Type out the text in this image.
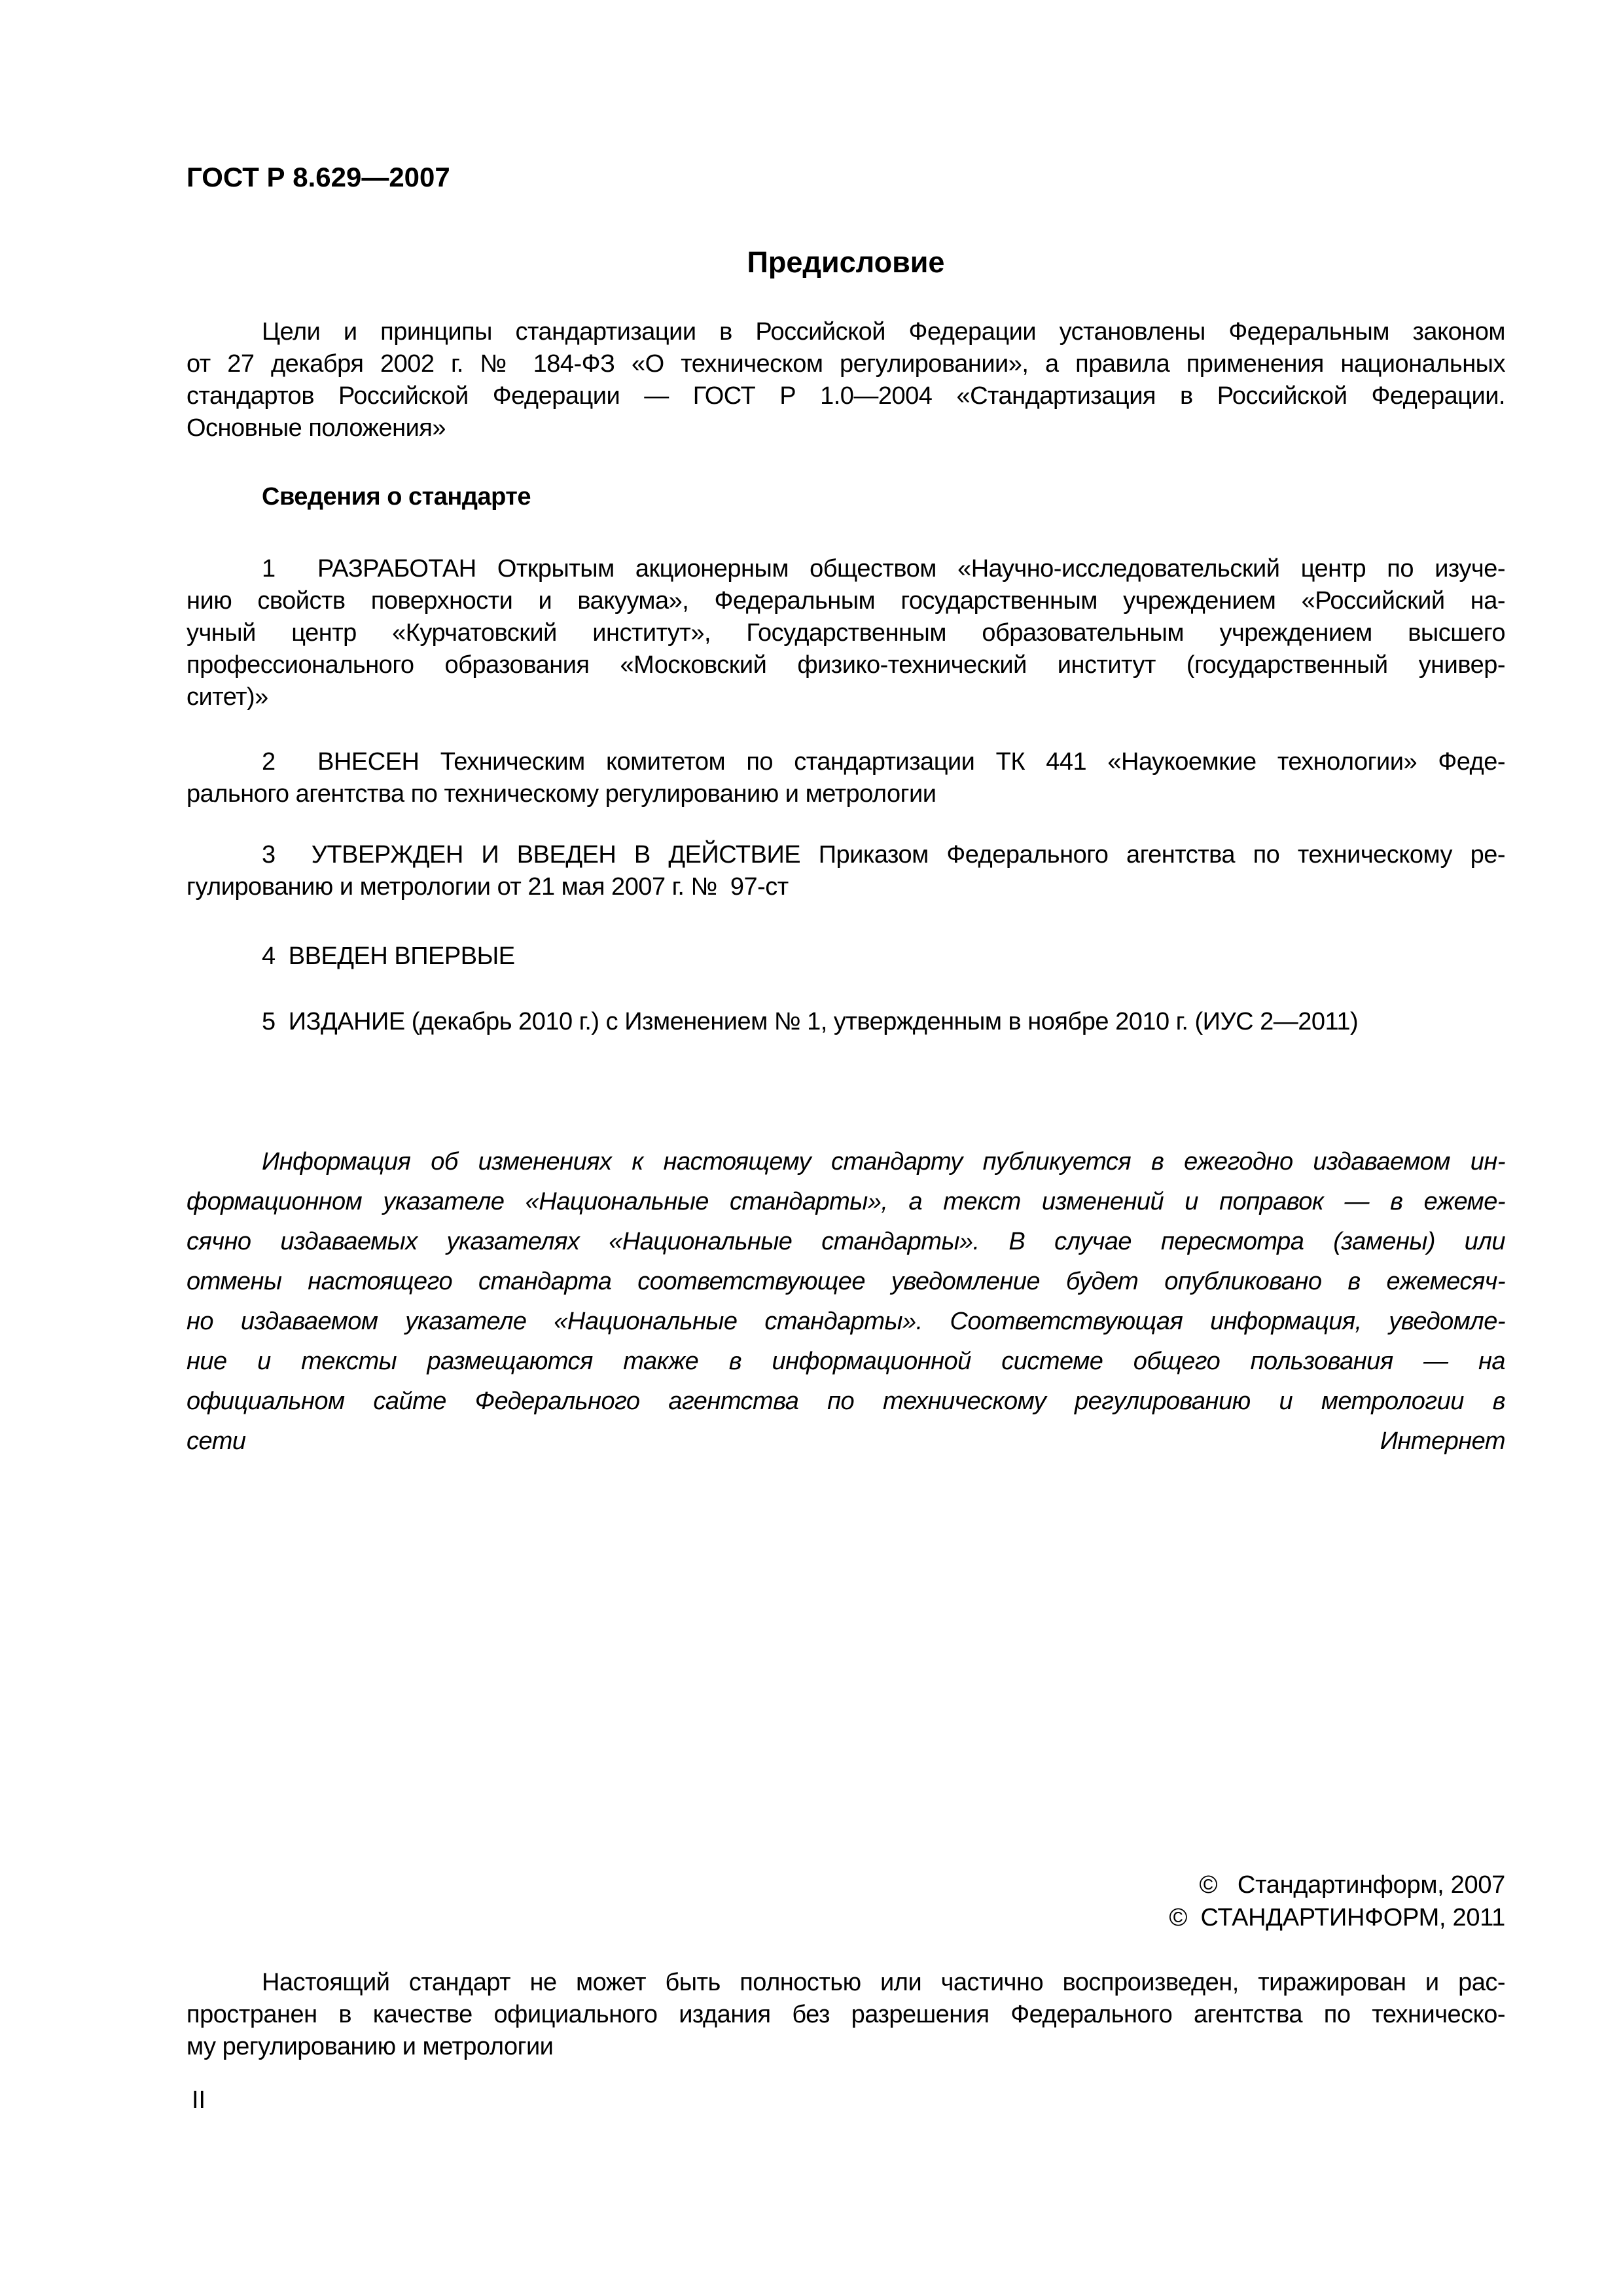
ГОСТ Р 8.629—2007
Предисловие
Цели и принципы стандартизации в Российской Федерации установлены Федеральным законом
от 27 декабря 2002 г. № 184-ФЗ «О техническом регулировании», а правила применения национальных
стандартов Российской Федерации — ГОСТ Р 1.0—2004 «Стандартизация в Российской Федерации.
Основные положения»
Сведения о стандарте
1  РАЗРАБОТАН Открытым акционерным обществом «Научно-исследовательский центр по изуче-
нию свойств поверхности и вакуума», Федеральным государственным учреждением «Российский на-
учный центр «Курчатовский институт», Государственным образовательным учреждением высшего
профессионального образования «Московский физико-технический институт (государственный универ-
ситет)»
2  ВНЕСЕН Техническим комитетом по стандартизации ТК 441 «Наукоемкие технологии» Феде-
рального агентства по техническому регулированию и метрологии
3  УТВЕРЖДЕН И ВВЕДЕН В ДЕЙСТВИЕ Приказом Федерального агентства по техническому ре-
гулированию и метрологии от 21 мая 2007 г. №  97-ст
4  ВВЕДЕН ВПЕРВЫЕ
5  ИЗДАНИЕ (декабрь 2010 г.) с Изменением № 1, утвержденным в ноябре 2010 г. (ИУС 2—2011)
Информация об изменениях к настоящему стандарту публикуется в ежегодно издаваемом ин-
формационном указателе «Национальные стандарты», а текст изменений и поправок — в ежеме-
сячно издаваемых указателях «Национальные стандарты». В случае пересмотра (замены) или
отмены настоящего стандарта соответствующее уведомление будет опубликовано в ежемесяч-
но издаваемом указателе «Национальные стандарты». Соответствующая информация, уведомле-
ние и тексты размещаются также в информационной системе общего пользования — на
официальном сайте Федерального агентства по техническому регулированию и метрологии в
сети Интернет
©   Стандартинформ, 2007
©  СТАНДАРТИНФОРМ, 2011
Настоящий стандарт не может быть полностью или частично воспроизведен, тиражирован и рас-
пространен в качестве официального издания без разрешения Федерального агентства по техническо-
му регулированию и метрологии
II
